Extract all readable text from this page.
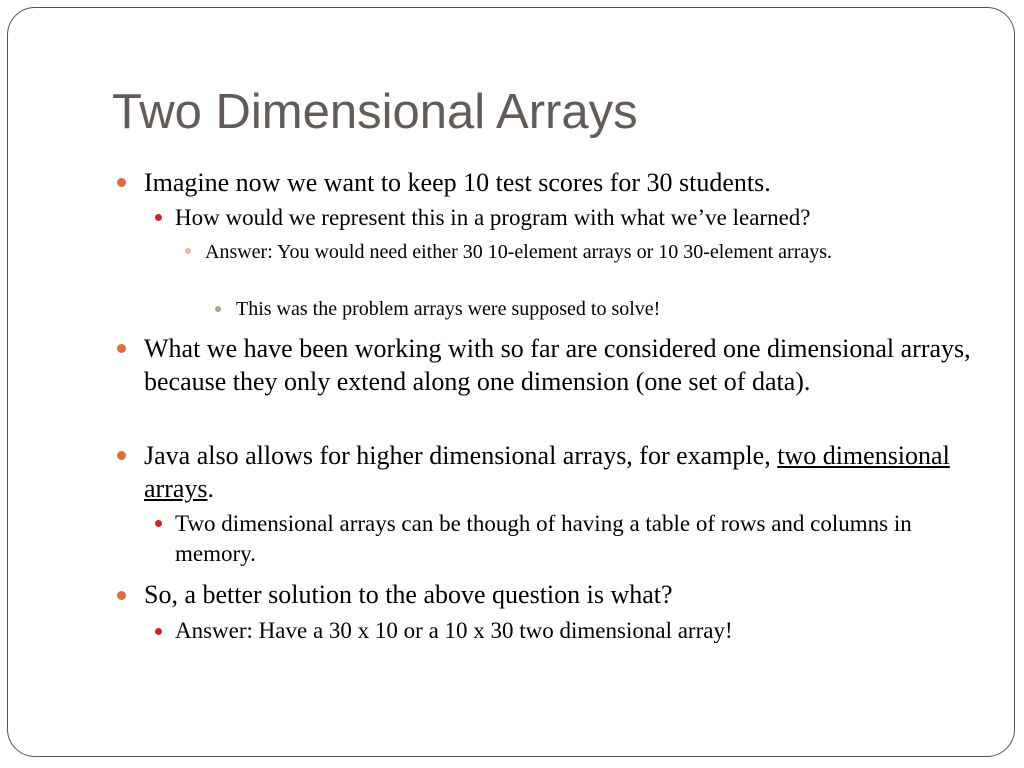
Two Dimensional Arrays
Imagine now we want to keep 10 test scores for 30 students.
How would we represent this in a program with what we’ve learned?
Answer: You would need either 30 10-element arrays or 10 30-element arrays.
This was the problem arrays were supposed to solve!
What we have been working with so far are considered one dimensional arrays, because they only extend along one dimension (one set of data).
Java also allows for higher dimensional arrays, for example, two dimensional arrays.
Two dimensional arrays can be though of having a table of rows and columns in memory.
So, a better solution to the above question is what?
Answer: Have a 30 x 10 or a 10 x 30 two dimensional array!
